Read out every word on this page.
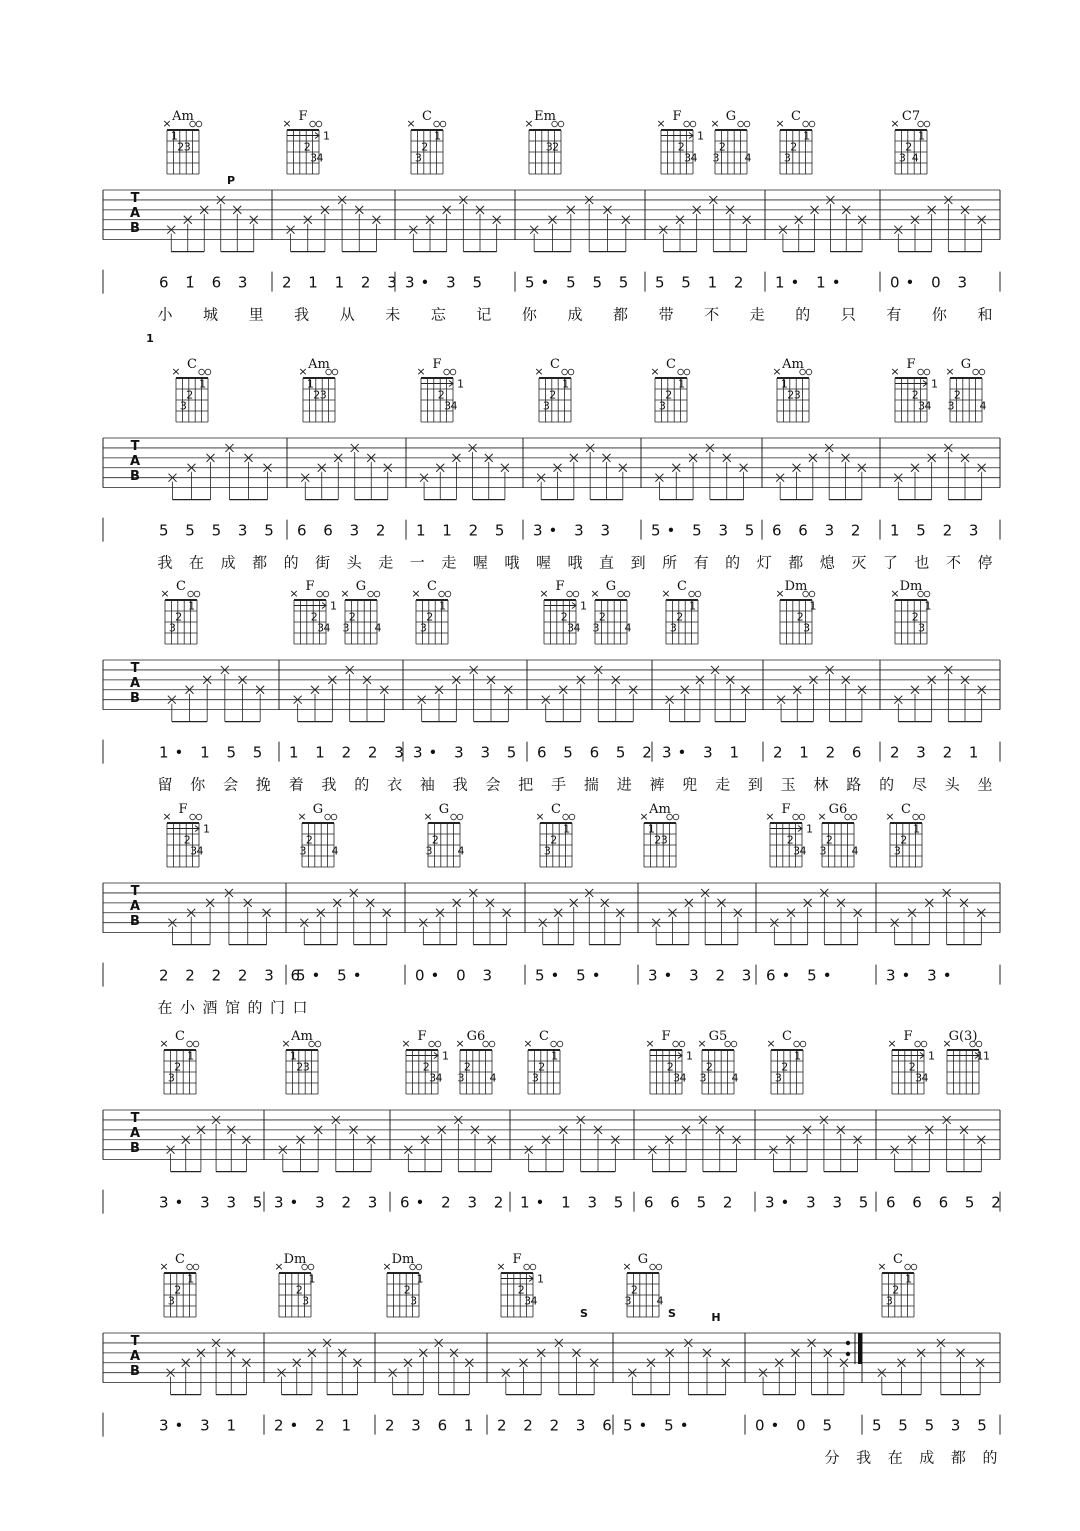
T
A
B
6 1̇ 6 3 2 1 1 2 3 3• 3 5 5• 5 5 5 5 5 1 2 1• 1•	0• 0 3
小 城 里 我 从 未 忘 记 你 成 都 带 不 走 的 只 有 你 和
P
Am
1
2 3
×	F
1
2
3 4
×	C
3
2
1
×	Em
2
3
×	F
1
2
3 4
×	G
3
2
4
×	C
3
2
1
×	C7
3
2
4
1
×
T
A
B
5 5 5 3 5 6 6 3 2 1 1 2 5 3• 3 3 5• 5 3 5 6 6 3 2 1 5 2 3
我 在 成 都 的 街 头 走 一 走 喔 哦 喔 哦 直 到 所 有 的 灯 都 熄 灭 了 也 不 停
1
C
3
2
1
×	Am
1
2 3
×	F
1
2
3 4
×	C
3
2
1
×	C
3
2
1
×	Am
1
2 3
×	F
1
2
3 4
×	G
3
2
4
×
T
A
B
1• 1 5 5 1 1 2 2 3 3• 3 3 5 6 5 6 5 2 3• 3 1 2 1 2 6 2 3 2 1
留 你 会 挽 着 我 的 衣 袖 我 会 把 手 揣 进 裤 兜 走 到 玉 林 路 的 尽 头 坐
C
3
2
1
×	F
1
2
3 4
×	G
3
2
4
×	C
3
2
1
×	F
1
2
3 4
×	G
3
2
4
×	C
3
2
1
×	Dm
2
1
3
×	Dm
2
1
3
×
T
A
B
2 2 2 2 3 6
5• 5•	0• 0 3 5• 5•	3• 3 2 3 6• 5•	3• 3•
在 小 酒 馆 的 门 口
F
1
2
3 4
×	G
3
2
4
×	G
3
2
4
×	C
3
2
1
×	Am
1
2 3
×	F
1
2
3 4
×	G6
3
2
4
×	C
3
2
1
×
T
A
B
3• 3 3 5 3• 3 2 3 6• 2 3 2 1• 1 3 5 6 6 5 2 3• 3 3 5 6 6 6 5 2
C
3
2
1
×	Am
1
2 3
×	F
1
2
3 4
×	G6
3
2
4
×	C
3
2
1
×	F
1
2
3 4
×	G5
3
2
4
×	C
3
2
1
×	F
1
2
3 4
×	G(3)
1
1
×
T
A
B
3• 3 1 2• 2 1 2 3 6 1 2 2 2 3 6 5• 5•	0• 0 5 5 5 5 3 5
分 我 在 成 都 的
S	S	H
C
3
2
1
×	Dm
2
1
3
×	Dm
2
1
3
×	F
1
2
3 4
×	G
3
2
4
×	C
3
2
1
×
